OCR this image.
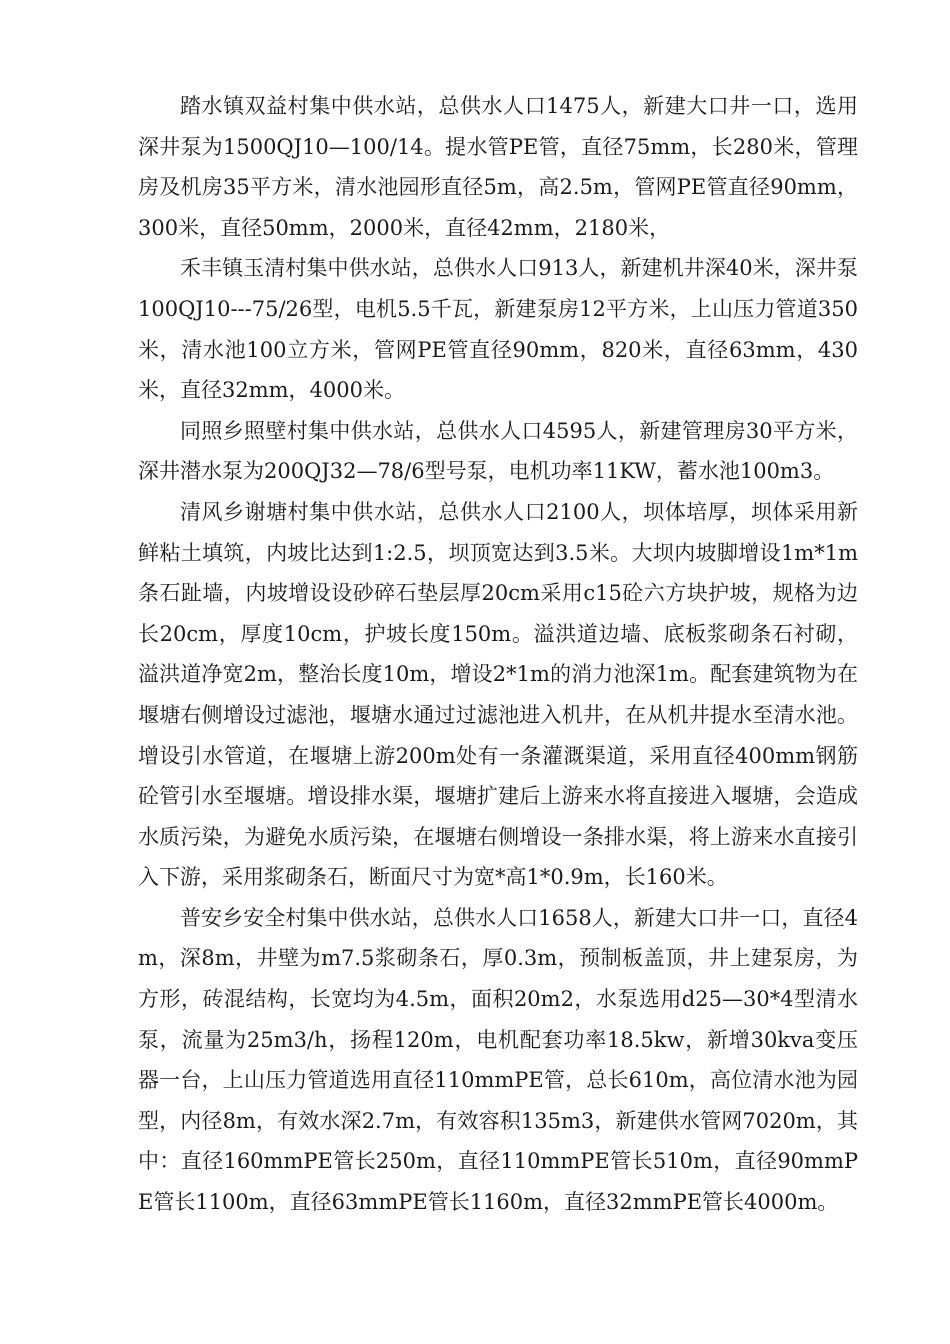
踏水镇双益村集中供水站，总供水人口1475人，新建大口井一口，选用深井泵为1500QJ10—100/14。提水管PE管，直径75mm，长280米，管理房及机房35平方米，清水池园形直径5m，高2.5m，管网PE管直径90mm，300米，直径50mm，2000米，直径42mm，2180米，

禾丰镇玉清村集中供水站，总供水人口913人，新建机井深40米，深井泵100QJ10---75/26型，电机5.5千瓦，新建泵房12平方米，上山压力管道350米，清水池100立方米，管网PE管直径90mm，820米，直径63mm，430米，直径32mm，4000米。

同照乡照壁村集中供水站，总供水人口4595人，新建管理房30平方米，深井潜水泵为200QJ32—78/6型号泵，电机功率11KW，蓄水池100m3。

清风乡谢塘村集中供水站，总供水人口2100人，坝体培厚，坝体采用新鲜粘土填筑，内坡比达到1:2.5，坝顶宽达到3.5米。大坝内坡脚增设1m*1m条石趾墙，内坡增设设砂碎石垫层厚20cm采用c15砼六方块护坡，规格为边长20cm，厚度10cm，护坡长度150m。溢洪道边墙、底板浆砌条石衬砌，溢洪道净宽2m，整治长度10m，增设2*1m的消力池深1m。配套建筑物为在堰塘右侧增设过滤池，堰塘水通过过滤池进入机井，在从机井提水至清水池。增设引水管道，在堰塘上游200m处有一条灌溉渠道，采用直径400mm钢筋砼管引水至堰塘。增设排水渠，堰塘扩建后上游来水将直接进入堰塘，会造成水质污染，为避免水质污染，在堰塘右侧增设一条排水渠，将上游来水直接引入下游，采用浆砌条石，断面尺寸为宽*高1*0.9m，长160米。

普安乡安全村集中供水站，总供水人口1658人，新建大口井一口，直径4m，深8m，井壁为m7.5浆砌条石，厚0.3m，预制板盖顶，井上建泵房，为方形，砖混结构，长宽均为4.5m，面积20m2，水泵选用d25—30*4型清水泵，流量为25m3/h，扬程120m，电机配套功率18.5kw，新增30kva变压器一台，上山压力管道选用直径110mmPE管，总长610m，高位清水池为园型，内径8m，有效水深2.7m，有效容积135m3，新建供水管网7020m，其中：直径160mmPE管长250m，直径110mmPE管长510m，直径90mmPE管长1100m，直径63mmPE管长1160m，直径32mmPE管长4000m。
